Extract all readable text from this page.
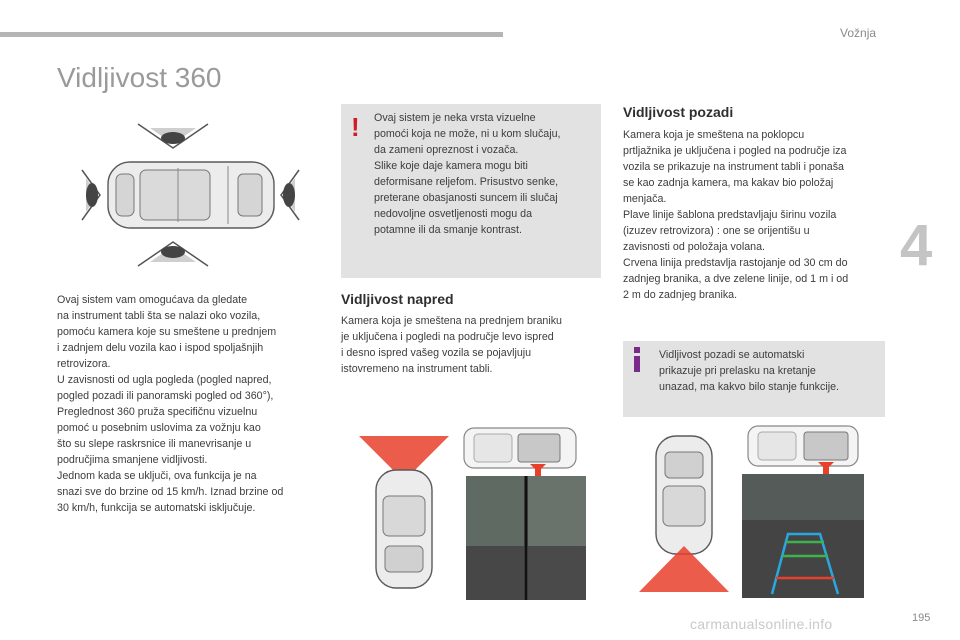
Vožnja
4
Vidljivost 360
Ovaj sistem vam omogućava da gledate
na instrument tabli šta se nalazi oko vozila,
pomoću kamera koje su smeštene u prednjem
i zadnjem delu vozila kao i ispod spoljašnjih
retrovizora.
U zavisnosti od ugla pogleda (pogled napred,
pogled pozadi ili panoramski pogled od 360°),
Preglednost 360 pruža specifičnu vizuelnu
pomoć u posebnim uslovima za vožnju kao
što su slepe raskrsnice ili manevrisanje u
područjima smanjene vidljivosti.
Jednom kada se uključi, ova funkcija je na
snazi sve do brzine od 15 km/h. Iznad brzine od
30 km/h, funkcija se automatski isključuje.
! Ovaj sistem je neka vrsta vizuelne
pomoći koja ne može, ni u kom slučaju,
da zameni opreznost i vozača.
Slike koje daje kamera mogu biti
deformisane reljefom. Prisustvo senke,
preterane obasjanosti suncem ili slučaj
nedovoljne osvetljenosti mogu da
potamne ili da smanje kontrast.
Vidljivost napred
Kamera koja je smeštena na prednjem braniku
je uključena i pogledi na područje levo ispred
i desno ispred vašeg vozila se pojavljuju
istovremeno na instrument tabli.
Vidljivost pozadi
Kamera koja je smeštena na poklopcu
prtljažnika je uključena i pogled na područje iza
vozila se prikazuje na instrument tabli i ponaša
se kao zadnja kamera, ma kakav bio položaj
menjača.
Plave linije šablona predstavljaju širinu vozila
(izuzev retrovizora) : one se orijentišu u
zavisnosti od položaja volana.
Crvena linija predstavlja rastojanje od 30 cm do
zadnjeg branika, a dve zelene linije, od 1 m i od
2 m do zadnjeg branika.
Vidljivost pozadi se automatski
prikazuje pri prelasku na kretanje
unazad, ma kakvo bilo stanje funkcije.
195
carmanualsonline.info
